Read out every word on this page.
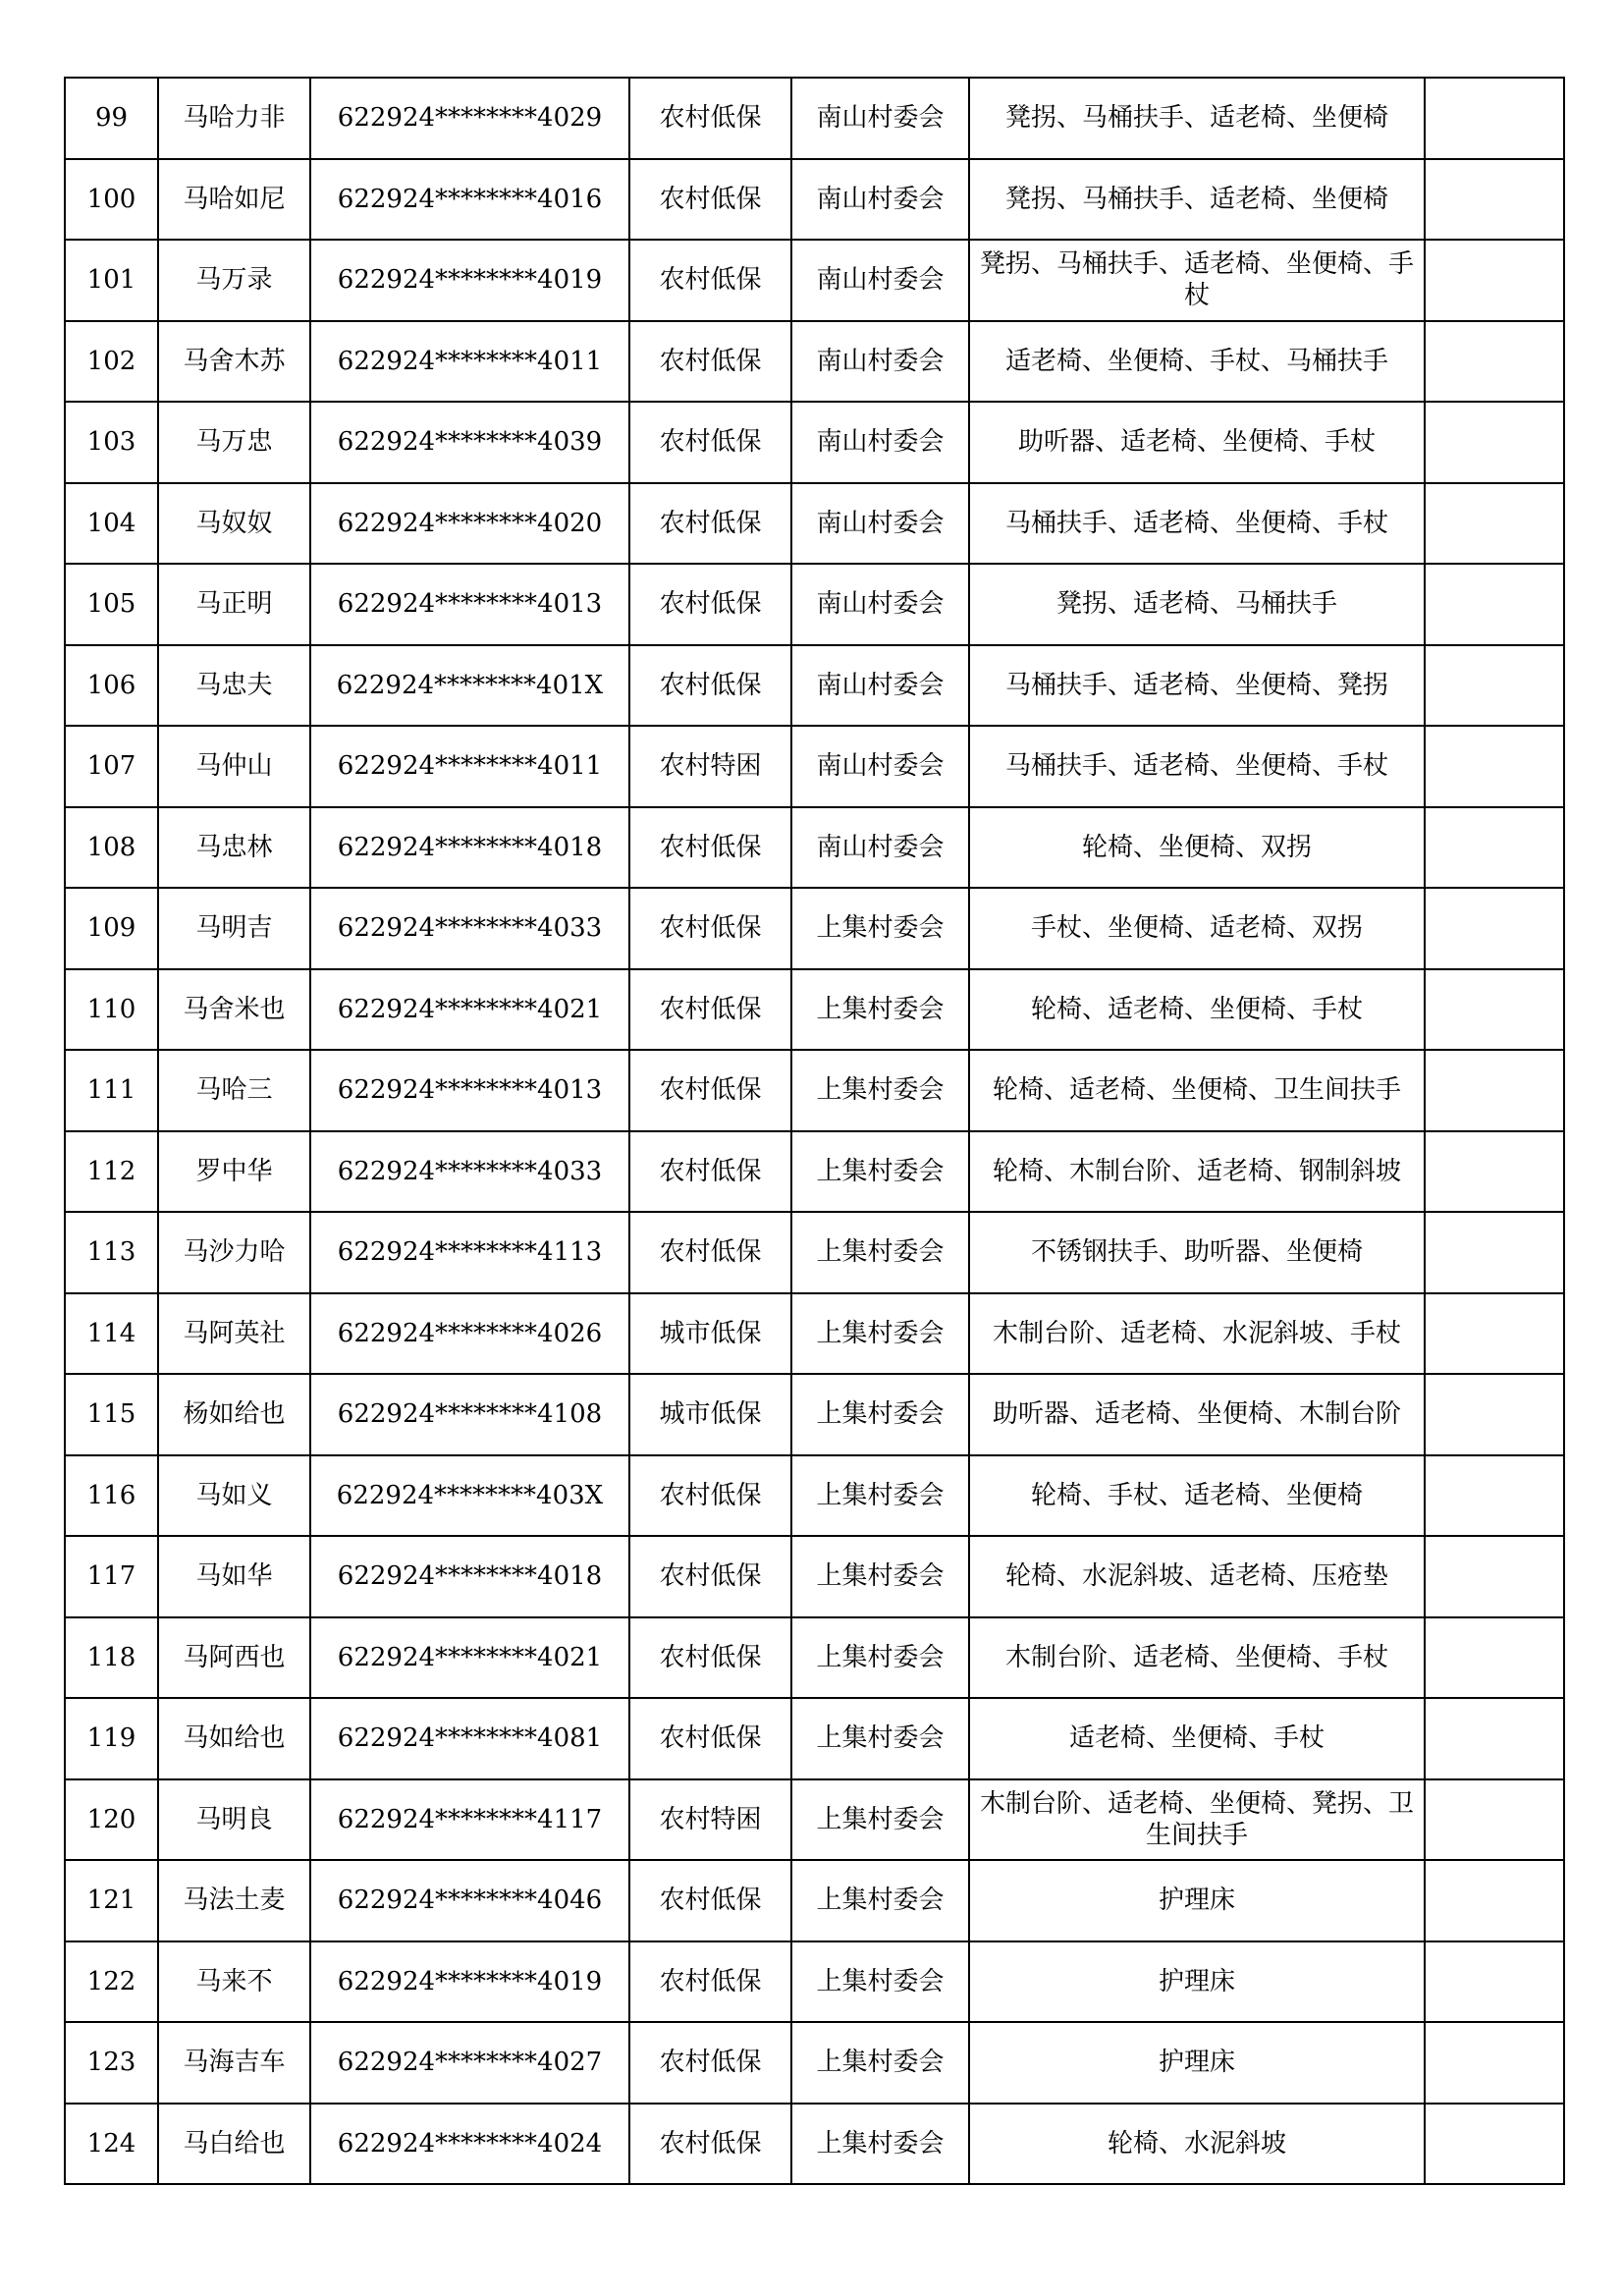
99	马哈力非	622924********4029	农村低保	南山村委会	凳拐、马桶扶手、适老椅、坐便椅	
100	马哈如尼	622924********4016	农村低保	南山村委会	凳拐、马桶扶手、适老椅、坐便椅	
101	马万录	622924********4019	农村低保	南山村委会	凳拐、马桶扶手、适老椅、坐便椅、手杖	
102	马舍木苏	622924********4011	农村低保	南山村委会	适老椅、坐便椅、手杖、马桶扶手	
103	马万忠	622924********4039	农村低保	南山村委会	助听器、适老椅、坐便椅、手杖	
104	马奴奴	622924********4020	农村低保	南山村委会	马桶扶手、适老椅、坐便椅、手杖	
105	马正明	622924********4013	农村低保	南山村委会	凳拐、适老椅、马桶扶手	
106	马忠夫	622924********401X	农村低保	南山村委会	马桶扶手、适老椅、坐便椅、凳拐	
107	马仲山	622924********4011	农村特困	南山村委会	马桶扶手、适老椅、坐便椅、手杖	
108	马忠林	622924********4018	农村低保	南山村委会	轮椅、坐便椅、双拐	
109	马明吉	622924********4033	农村低保	上集村委会	手杖、坐便椅、适老椅、双拐	
110	马舍米也	622924********4021	农村低保	上集村委会	轮椅、适老椅、坐便椅、手杖	
111	马哈三	622924********4013	农村低保	上集村委会	轮椅、适老椅、坐便椅、卫生间扶手	
112	罗中华	622924********4033	农村低保	上集村委会	轮椅、木制台阶、适老椅、钢制斜坡	
113	马沙力哈	622924********4113	农村低保	上集村委会	不锈钢扶手、助听器、坐便椅	
114	马阿英社	622924********4026	城市低保	上集村委会	木制台阶、适老椅、水泥斜坡、手杖	
115	杨如给也	622924********4108	城市低保	上集村委会	助听器、适老椅、坐便椅、木制台阶	
116	马如义	622924********403X	农村低保	上集村委会	轮椅、手杖、适老椅、坐便椅	
117	马如华	622924********4018	农村低保	上集村委会	轮椅、水泥斜坡、适老椅、压疮垫	
118	马阿西也	622924********4021	农村低保	上集村委会	木制台阶、适老椅、坐便椅、手杖	
119	马如给也	622924********4081	农村低保	上集村委会	适老椅、坐便椅、手杖	
120	马明良	622924********4117	农村特困	上集村委会	木制台阶、适老椅、坐便椅、凳拐、卫生间扶手	
121	马法土麦	622924********4046	农村低保	上集村委会	护理床	
122	马来不	622924********4019	农村低保	上集村委会	护理床	
123	马海吉车	622924********4027	农村低保	上集村委会	护理床	
124	马白给也	622924********4024	农村低保	上集村委会	轮椅、水泥斜坡	
